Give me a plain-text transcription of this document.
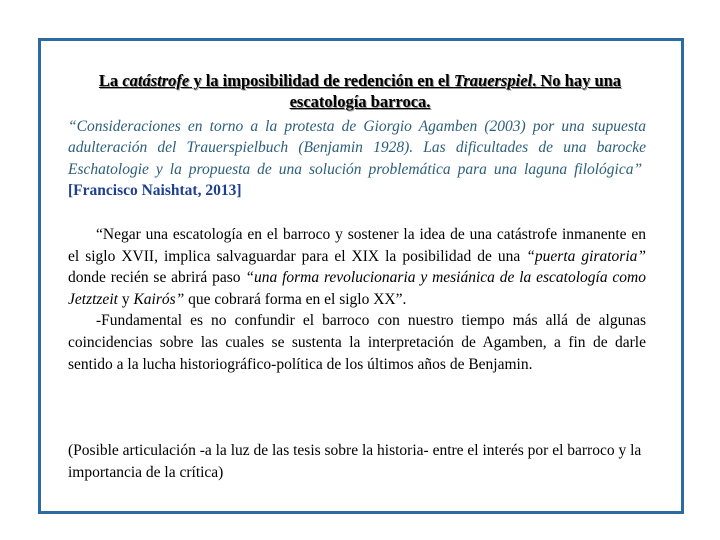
La catástrofe y la imposibilidad de redención en el Trauerspiel. No hay una escatología barroca.
“Consideraciones en torno a la protesta de Giorgio Agamben (2003) por una supuesta adulteración del Trauerspielbuch (Benjamin 1928). Las dificultades de una barocke Eschatologie y la propuesta de una solución problemática para una laguna filológica”  [Francisco Naishtat, 2013]

“Negar una escatología en el barroco y sostener la idea de una catástrofe inmanente en el siglo XVII, implica salvaguardar para el XIX la posibilidad de una “puerta giratoria” donde recién se abrirá paso “una forma revolucionaria y mesiánica de la escatología como Jetztzeit y Kairós” que cobrará forma en el siglo XX”.

-Fundamental es no confundir el barroco con nuestro tiempo más allá de algunas coincidencias sobre las cuales se sustenta la interpretación de Agamben, a fin de darle sentido a la lucha historiográfico-política de los últimos años de Benjamin.

(Posible articulación -a la luz de las tesis sobre la historia- entre el interés por el barroco y la importancia de la crítica)
